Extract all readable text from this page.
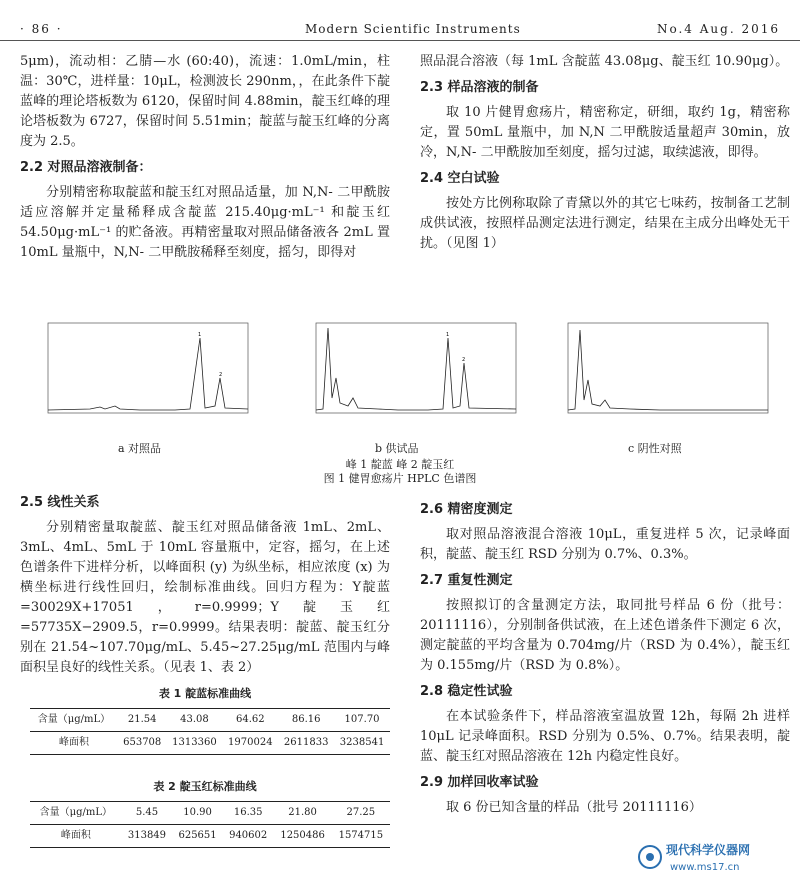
· 86 ·	Modern Scientific Instruments	No.4 Aug. 2016

5μm)，流动相：乙腈—水 (60:40)，流速：1.0mL/min，柱温：30℃，进样量：10μL，检测波长 290nm，，在此条件下靛蓝峰的理论塔板数为 6120，保留时间 4.88min，靛玉红峰的理论塔板数为 6727，保留时间 5.51min；靛蓝与靛玉红峰的分离度为 2.5。

2.2 对照品溶液制备：

分别精密称取靛蓝和靛玉红对照品适量，加 N,N- 二甲酰胺适应溶解并定量稀释成含靛蓝 215.40μg·mL⁻¹ 和靛玉红 54.50μg·mL⁻¹ 的贮备液。再精密量取对照品储备液各 2mL 置 10mL 量瓶中，N,N- 二甲酰胺稀释至刻度，摇匀，即得对

照品混合溶液（每 1mL 含靛蓝 43.08μg、靛玉红 10.90μg）。

2.3 样品溶液的制备

取 10 片健胃愈疡片，精密称定，研细，取约 1g，精密称定，置 50mL 量瓶中，加 N,N 二甲酰胺适量超声 30min，放冷，N,N- 二甲酰胺加至刻度，摇匀过滤，取续滤液，即得。

2.4 空白试验

按处方比例称取除了青黛以外的其它七味药，按制备工艺制成供试液，按照样品测定法进行测定，结果在主成分出峰处无干扰。（见图 1）

1
2
1
2
a 对照品	b 供试品	c 阴性对照
峰 1 靛蓝 峰 2 靛玉红
图 1 健胃愈疡片 HPLC 色谱图
2.5 线性关系

分别精密量取靛蓝、靛玉红对照品储备液 1mL、2mL、3mL、4mL、5mL 于 10mL 容量瓶中，定容，摇匀，在上述色谱条件下进样分析，以峰面积 (y) 为纵坐标，相应浓度 (x) 为横坐标进行线性回归，绘制标准曲线。回归方程为：Y靛蓝=30029X+17051，r=0.9999；Y靛玉红=57735X−2909.5，r=0.9999。结果表明：靛蓝、靛玉红分别在 21.54~107.70μg/mL、5.45~27.25μg/mL 范围内与峰面积呈良好的线性关系。（见表 1、表 2）

表 1 靛蓝标准曲线
含量（μg/mL）	21.54	43.08	64.62	86.16	107.70
峰面积	653708	1313360	1970024	2611833	3238541
表 2 靛玉红标准曲线
含量（μg/mL）	5.45	10.90	16.35	21.80	27.25
峰面积	313849	625651	940602	1250486	1574715
2.6 精密度测定

取对照品溶液混合溶液 10μL，重复进样 5 次，记录峰面积，靛蓝、靛玉红 RSD 分别为 0.7%、0.3%。

2.7 重复性测定

按照拟订的含量测定方法，取同批号样品 6 份（批号：20111116），分别制备供试液，在上述色谱条件下测定 6 次，测定靛蓝的平均含量为 0.704mg/片（RSD 为 0.4%），靛玉红为 0.155mg/片（RSD 为 0.8%）。

2.8 稳定性试验

在本试验条件下，样品溶液室温放置 12h，每隔 2h 进样 10μL 记录峰面积。RSD 分别为 0.5%、0.7%。结果表明，靛蓝、靛玉红对照品溶液在 12h 内稳定性良好。

2.9 加样回收率试验

取 6 份已知含量的样品（批号 20111116）

现代科学仪器网
www.ms17.cn
